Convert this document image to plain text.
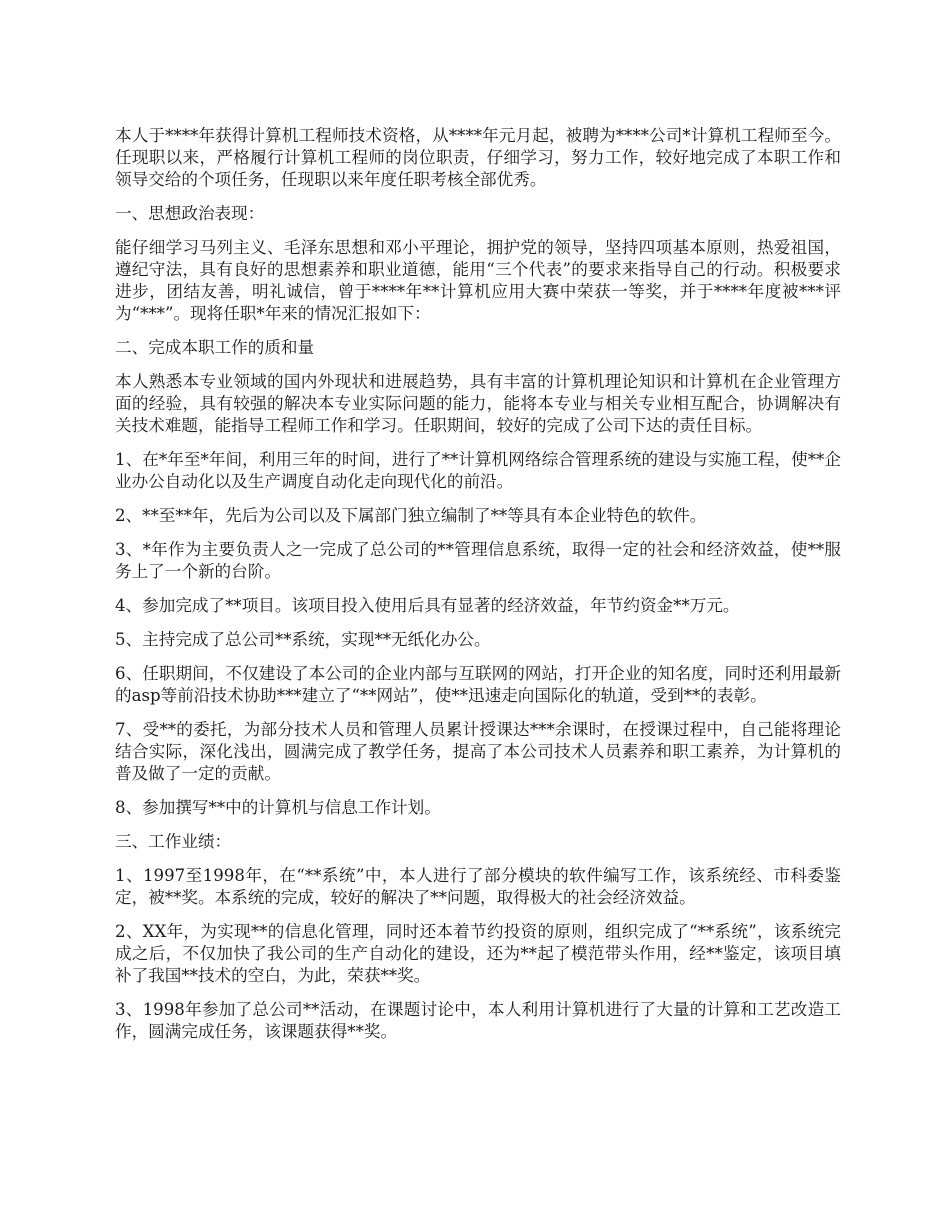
本人于****年获得计算机工程师技术资格，从****年元月起，被聘为****公司*计算机工程师至今。任现职以来，严格履行计算机工程师的岗位职责，仔细学习，努力工作，较好地完成了本职工作和领导交给的个项任务，任现职以来年度任职考核全部优秀。

一、思想政治表现：

能仔细学习马列主义、毛泽东思想和邓小平理论，拥护党的领导，坚持四项基本原则，热爱祖国，遵纪守法，具有良好的思想素养和职业道德，能用“三个代表”的要求来指导自己的行动。积极要求进步，团结友善，明礼诚信，曾于****年**计算机应用大赛中荣获一等奖，并于****年度被***评为“***”。现将任职*年来的情况汇报如下：

二、完成本职工作的质和量

本人熟悉本专业领域的国内外现状和进展趋势，具有丰富的计算机理论知识和计算机在企业管理方面的经验，具有较强的解决本专业实际问题的能力，能将本专业与相关专业相互配合，协调解决有关技术难题，能指导工程师工作和学习。任职期间，较好的完成了公司下达的责任目标。

1、在*年至*年间，利用三年的时间，进行了**计算机网络综合管理系统的建设与实施工程，使**企业办公自动化以及生产调度自动化走向现代化的前沿。

2、**至**年，先后为公司以及下属部门独立编制了**等具有本企业特色的软件。

3、*年作为主要负责人之一完成了总公司的**管理信息系统，取得一定的社会和经济效益，使**服务上了一个新的台阶。

4、参加完成了**项目。该项目投入使用后具有显著的经济效益，年节约资金**万元。

5、主持完成了总公司**系统，实现**无纸化办公。

6、任职期间，不仅建设了本公司的企业内部与互联网的网站，打开企业的知名度，同时还利用最新的asp等前沿技术协助***建立了“**网站”，使**迅速走向国际化的轨道，受到**的表彰。

7、受**的委托，为部分技术人员和管理人员累计授课达***余课时，在授课过程中，自己能将理论结合实际，深化浅出，圆满完成了教学任务，提高了本公司技术人员素养和职工素养，为计算机的普及做了一定的贡献。

8、参加撰写**中的计算机与信息工作计划。

三、工作业绩：

1、1997至1998年，在“**系统”中，本人进行了部分模块的软件编写工作，该系统经、市科委鉴定，被**奖。本系统的完成，较好的解决了**问题，取得极大的社会经济效益。

2、XX年，为实现**的信息化管理，同时还本着节约投资的原则，组织完成了“**系统”，该系统完成之后，不仅加快了我公司的生产自动化的建设，还为**起了模范带头作用，经**鉴定，该项目填补了我国**技术的空白，为此，荣获**奖。

3、1998年参加了总公司**活动，在课题讨论中，本人利用计算机进行了大量的计算和工艺改造工作，圆满完成任务，该课题获得**奖。
